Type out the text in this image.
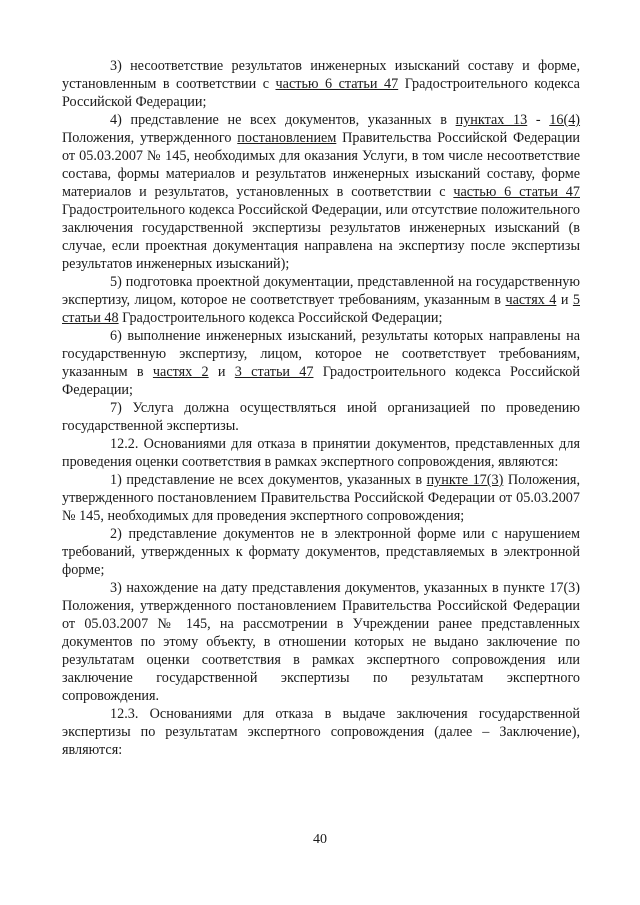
3) несоответствие результатов инженерных изысканий составу и форме, установленным в соответствии с частью 6 статьи 47 Градостроительного кодекса Российской Федерации;

4) представление не всех документов, указанных в пунктах 13 - 16(4) Положения, утвержденного постановлением Правительства Российской Федерации от 05.03.2007 № 145, необходимых для оказания Услуги, в том числе несоответствие состава, формы материалов и результатов инженерных изысканий составу, форме материалов и результатов, установленных в соответствии с частью 6 статьи 47 Градостроительного кодекса Российской Федерации, или отсутствие положительного заключения государственной экспертизы результатов инженерных изысканий (в случае, если проектная документация направлена на экспертизу после экспертизы результатов инженерных изысканий);

5) подготовка проектной документации, представленной на государственную экспертизу, лицом, которое не соответствует требованиям, указанным в частях 4 и 5 статьи 48 Градостроительного кодекса Российской Федерации;

6) выполнение инженерных изысканий, результаты которых направлены на государственную экспертизу, лицом, которое не соответствует требованиям, указанным в частях 2 и 3 статьи 47 Градостроительного кодекса Российской Федерации;

7) Услуга должна осуществляться иной организацией по проведению государственной экспертизы.

12.2. Основаниями для отказа в принятии документов, представленных для проведения оценки соответствия в рамках экспертного сопровождения, являются:

1) представление не всех документов, указанных в пункте 17(3) Положения, утвержденного постановлением Правительства Российской Федерации от 05.03.2007 № 145, необходимых для проведения экспертного сопровождения;

2) представление документов не в электронной форме или с нарушением требований, утвержденных к формату документов, представляемых в электронной форме;

3) нахождение на дату представления документов, указанных в пункте 17(3) Положения, утвержденного постановлением Правительства Российской Федерации от 05.03.2007 № 145, на рассмотрении в Учреждении ранее представленных документов по этому объекту, в отношении которых не выдано заключение по результатам оценки соответствия в рамках экспертного сопровождения или заключение государственной экспертизы по результатам экспертного сопровождения.

12.3. Основаниями для отказа в выдаче заключения государственной экспертизы по результатам экспертного сопровождения (далее – Заключение), являются:

40
